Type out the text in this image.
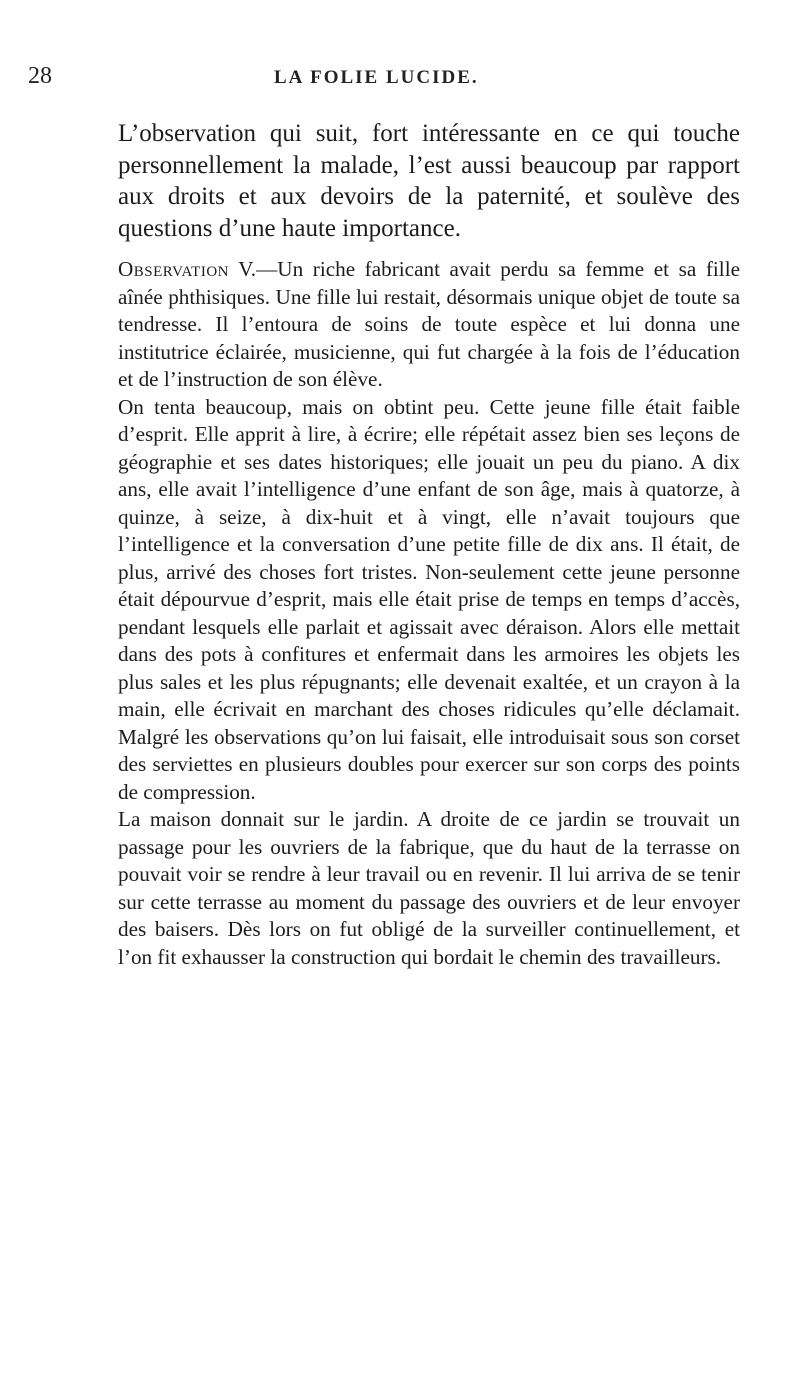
28	LA FOLIE LUCIDE.

L’observation qui suit, fort intéressante en ce qui touche personnellement la malade, l’est aussi beaucoup par rapport aux droits et aux devoirs de la paternité, et soulève des questions d’une haute importance.

Observation V.—Un riche fabricant avait perdu sa femme et sa fille aînée phthisiques. Une fille lui restait, désormais unique objet de toute sa tendresse. Il l’entoura de soins de toute espèce et lui donna une institutrice éclairée, musicienne, qui fut chargée à la fois de l’éducation et de l’instruction de son élève.

On tenta beaucoup, mais on obtint peu. Cette jeune fille était faible d’esprit. Elle apprit à lire, à écrire; elle répétait assez bien ses leçons de géographie et ses dates historiques; elle jouait un peu du piano. A dix ans, elle avait l’intelligence d’une enfant de son âge, mais à quatorze, à quinze, à seize, à dix-huit et à vingt, elle n’avait toujours que l’intelligence et la conversation d’une petite fille de dix ans. Il était, de plus, arrivé des choses fort tristes. Non-seulement cette jeune personne était dépourvue d’esprit, mais elle était prise de temps en temps d’accès, pendant lesquels elle parlait et agissait avec déraison. Alors elle mettait dans des pots à confitures et enfermait dans les armoires les objets les plus sales et les plus répugnants; elle devenait exaltée, et un crayon à la main, elle écrivait en marchant des choses ridicules qu’elle déclamait. Malgré les observations qu’on lui faisait, elle introduisait sous son corset des serviettes en plusieurs doubles pour exercer sur son corps des points de compression.

La maison donnait sur le jardin. A droite de ce jardin se trouvait un passage pour les ouvriers de la fabrique, que du haut de la terrasse on pouvait voir se rendre à leur travail ou en revenir. Il lui arriva de se tenir sur cette terrasse au moment du passage des ouvriers et de leur envoyer des baisers. Dès lors on fut obligé de la surveiller continuellement, et l’on fit exhausser la construction qui bordait le chemin des travailleurs.
